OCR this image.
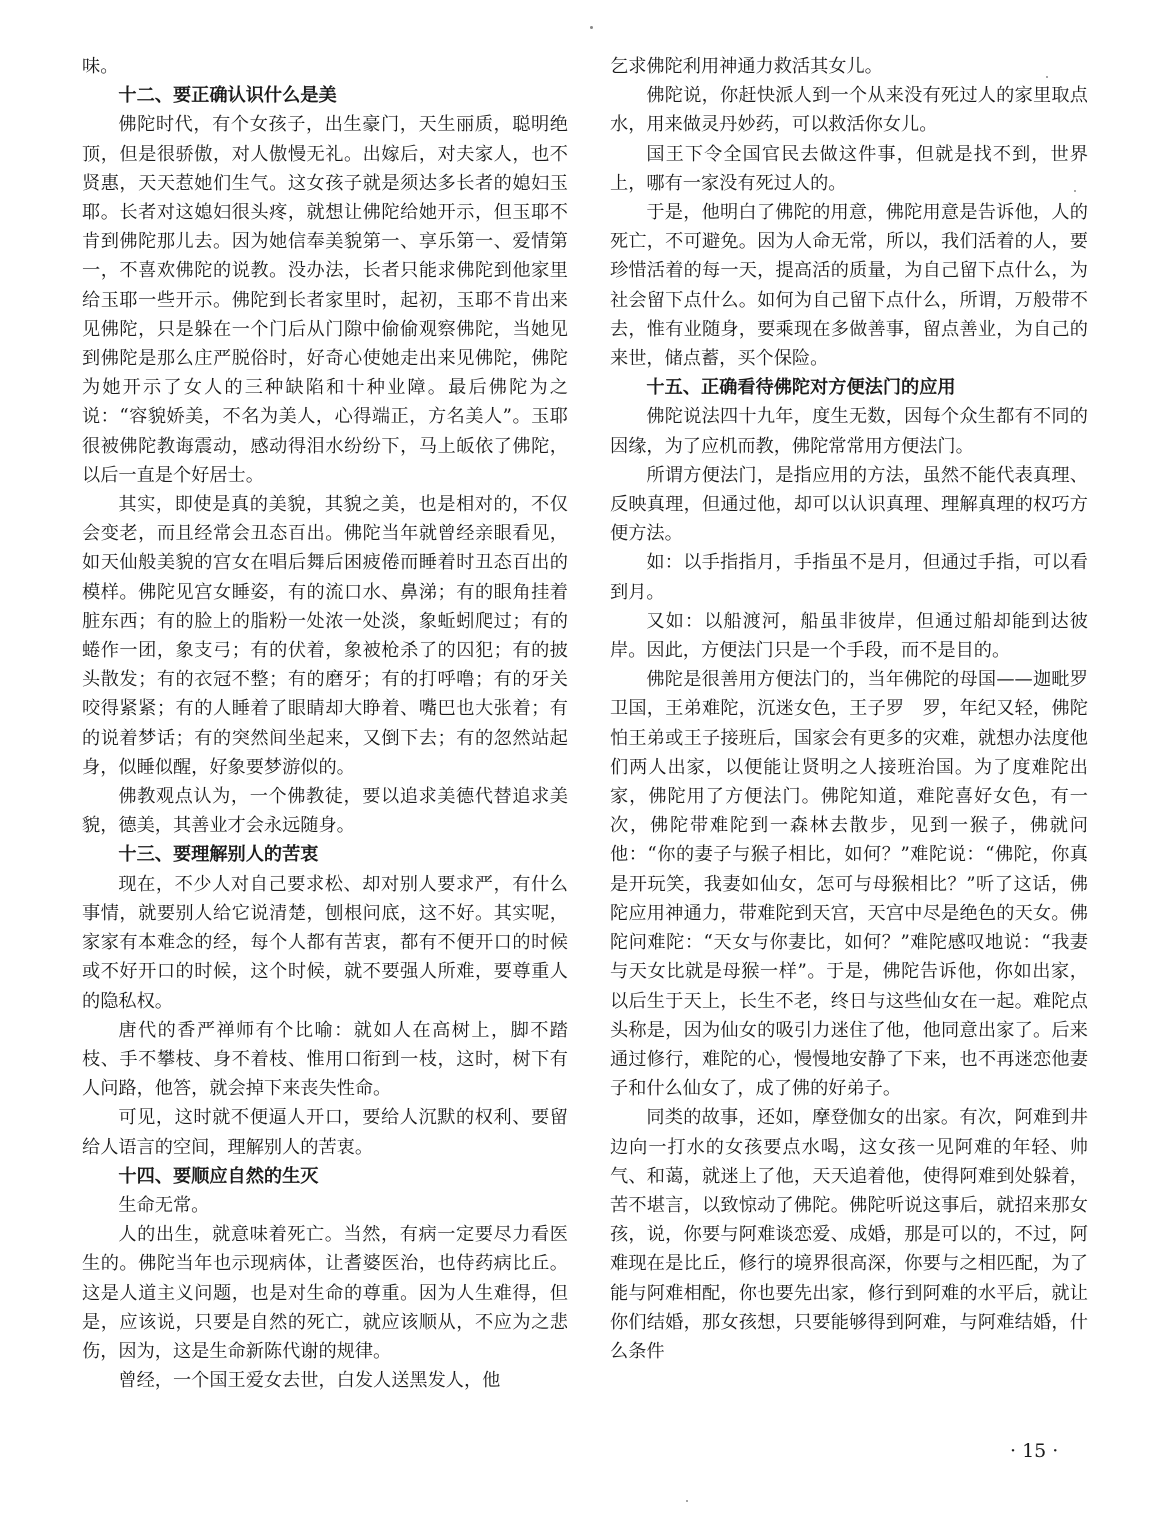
味。

十二、要正确认识什么是美

佛陀时代，有个女孩子，出生豪门，天生丽质，聪明绝顶，但是很骄傲，对人傲慢无礼。出嫁后，对夫家人，也不贤惠，天天惹她们生气。这女孩子就是须达多长者的媳妇玉耶。长者对这媳妇很头疼，就想让佛陀给她开示，但玉耶不肯到佛陀那儿去。因为她信奉美貌第一、享乐第一、爱情第一，不喜欢佛陀的说教。没办法，长者只能求佛陀到他家里给玉耶一些开示。佛陀到长者家里时，起初，玉耶不肯出来见佛陀，只是躲在一个门后从门隙中偷偷观察佛陀，当她见到佛陀是那么庄严脱俗时，好奇心使她走出来见佛陀，佛陀为她开示了女人的三种缺陷和十种业障。最后佛陀为之说：“容貌娇美，不名为美人，心得端正，方名美人”。玉耶很被佛陀教诲震动，感动得泪水纷纷下，马上皈依了佛陀，以后一直是个好居士。

其实，即使是真的美貌，其貌之美，也是相对的，不仅会变老，而且经常会丑态百出。佛陀当年就曾经亲眼看见，如天仙般美貌的宫女在唱后舞后困疲倦而睡着时丑态百出的模样。佛陀见宫女睡姿，有的流口水、鼻涕；有的眼角挂着脏东西；有的脸上的脂粉一处浓一处淡，象蚯蚓爬过；有的蜷作一团，象支弓；有的伏着，象被枪杀了的囚犯；有的披头散发；有的衣冠不整；有的磨牙；有的打呼噜；有的牙关咬得紧紧；有的人睡着了眼睛却大睁着、嘴巴也大张着；有的说着梦话；有的突然间坐起来，又倒下去；有的忽然站起身，似睡似醒，好象要梦游似的。

佛教观点认为，一个佛教徒，要以追求美德代替追求美貌，德美，其善业才会永远随身。

十三、要理解别人的苦衷

现在，不少人对自己要求松、却对别人要求严，有什么事情，就要别人给它说清楚，刨根问底，这不好。其实呢，家家有本难念的经，每个人都有苦衷，都有不便开口的时候或不好开口的时候，这个时候，就不要强人所难，要尊重人的隐私权。

唐代的香严禅师有个比喻：就如人在高树上，脚不踏枝、手不攀枝、身不着枝、惟用口衔到一枝，这时，树下有人问路，他答，就会掉下来丧失性命。

可见，这时就不便逼人开口，要给人沉默的权利、要留给人语言的空间，理解别人的苦衷。

十四、要顺应自然的生灭

生命无常。

人的出生，就意味着死亡。当然，有病一定要尽力看医生的。佛陀当年也示现病体，让耆婆医治，也侍药病比丘。这是人道主义问题，也是对生命的尊重。因为人生难得，但是，应该说，只要是自然的死亡，就应该顺从，不应为之悲伤，因为，这是生命新陈代谢的规律。

曾经，一个国王爱女去世，白发人送黑发人，他

乞求佛陀利用神通力救活其女儿。

佛陀说，你赶快派人到一个从来没有死过人的家里取点水，用来做灵丹妙药，可以救活你女儿。

国王下令全国官民去做这件事，但就是找不到，世界上，哪有一家没有死过人的。

于是，他明白了佛陀的用意，佛陀用意是告诉他，人的死亡，不可避免。因为人命无常，所以，我们活着的人，要珍惜活着的每一天，提高活的质量，为自己留下点什么，为社会留下点什么。如何为自己留下点什么，所谓，万般带不去，惟有业随身，要乘现在多做善事，留点善业，为自己的来世，储点蓄，买个保险。

十五、正确看待佛陀对方便法门的应用

佛陀说法四十九年，度生无数，因每个众生都有不同的因缘，为了应机而教，佛陀常常用方便法门。

所谓方便法门，是指应用的方法，虽然不能代表真理、反映真理，但通过他，却可以认识真理、理解真理的权巧方便方法。

如：以手指指月，手指虽不是月，但通过手指，可以看到月。

又如：以船渡河，船虽非彼岸，但通过船却能到达彼岸。因此，方便法门只是一个手段，而不是目的。

佛陀是很善用方便法门的，当年佛陀的母国——迦毗罗卫国，王弟难陀，沉迷女色，王子罗　罗，年纪又轻，佛陀怕王弟或王子接班后，国家会有更多的灾难，就想办法度他们两人出家，以便能让贤明之人接班治国。为了度难陀出家，佛陀用了方便法门。佛陀知道，难陀喜好女色，有一次，佛陀带难陀到一森林去散步，见到一猴子，佛就问他：“你的妻子与猴子相比，如何？”难陀说：“佛陀，你真是开玩笑，我妻如仙女，怎可与母猴相比？”听了这话，佛陀应用神通力，带难陀到天宫，天宫中尽是绝色的天女。佛陀问难陀：“天女与你妻比，如何？”难陀感叹地说：“我妻与天女比就是母猴一样”。于是，佛陀告诉他，你如出家，以后生于天上，长生不老，终日与这些仙女在一起。难陀点头称是，因为仙女的吸引力迷住了他，他同意出家了。后来通过修行，难陀的心，慢慢地安静了下来，也不再迷恋他妻子和什么仙女了，成了佛的好弟子。

同类的故事，还如，摩登伽女的出家。有次，阿难到井边向一打水的女孩要点水喝，这女孩一见阿难的年轻、帅气、和蔼，就迷上了他，天天追着他，使得阿难到处躲着，苦不堪言，以致惊动了佛陀。佛陀听说这事后，就招来那女孩，说，你要与阿难谈恋爱、成婚，那是可以的，不过，阿难现在是比丘，修行的境界很高深，你要与之相匹配，为了能与阿难相配，你也要先出家，修行到阿难的水平后，就让你们结婚，那女孩想，只要能够得到阿难，与阿难结婚，什么条件

· 15 ·
